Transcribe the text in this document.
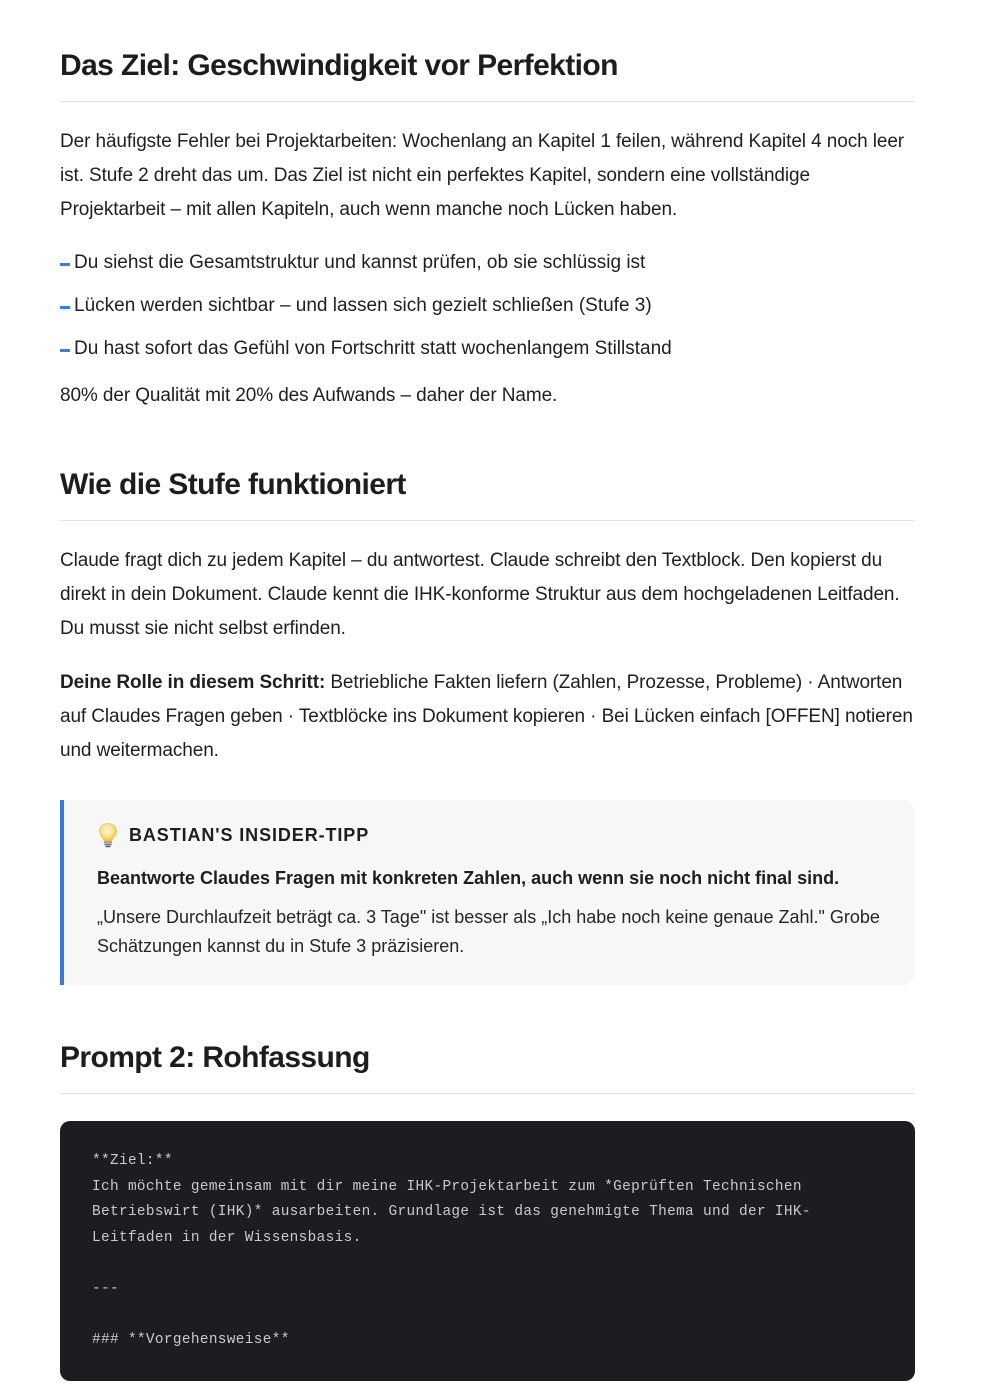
Das Ziel: Geschwindigkeit vor Perfektion

Der häufigste Fehler bei Projektarbeiten: Wochenlang an Kapitel 1 feilen, während Kapitel 4 noch leer ist. Stufe 2 dreht das um. Das Ziel ist nicht ein perfektes Kapitel, sondern eine vollständige Projektarbeit – mit allen Kapiteln, auch wenn manche noch Lücken haben.

Du siehst die Gesamtstruktur und kannst prüfen, ob sie schlüssig ist
Lücken werden sichtbar – und lassen sich gezielt schließen (Stufe 3)
Du hast sofort das Gefühl von Fortschritt statt wochenlangem Stillstand

80% der Qualität mit 20% des Aufwands – daher der Name.

Wie die Stufe funktioniert

Claude fragt dich zu jedem Kapitel – du antwortest. Claude schreibt den Textblock. Den kopierst du direkt in dein Dokument. Claude kennt die IHK-konforme Struktur aus dem hochgeladenen Leitfaden. Du musst sie nicht selbst erfinden.

Deine Rolle in diesem Schritt: Betriebliche Fakten liefern (Zahlen, Prozesse, Probleme) · Antworten auf Claudes Fragen geben · Textblöcke ins Dokument kopieren · Bei Lücken einfach [OFFEN] notieren und weitermachen.

BASTIAN'S INSIDER-TIPP

Beantworte Claudes Fragen mit konkreten Zahlen, auch wenn sie noch nicht final sind.

„Unsere Durchlaufzeit beträgt ca. 3 Tage" ist besser als „Ich habe noch keine genaue Zahl." Grobe Schätzungen kannst du in Stufe 3 präzisieren.

Prompt 2: Rohfassung
**Ziel:**
Ich möchte gemeinsam mit dir meine IHK-Projektarbeit zum *Geprüften Technischen
Betriebswirt (IHK)* ausarbeiten. Grundlage ist das genehmigte Thema und der IHK-
Leitfaden in der Wissensbasis.
---
### **Vorgehensweise**
